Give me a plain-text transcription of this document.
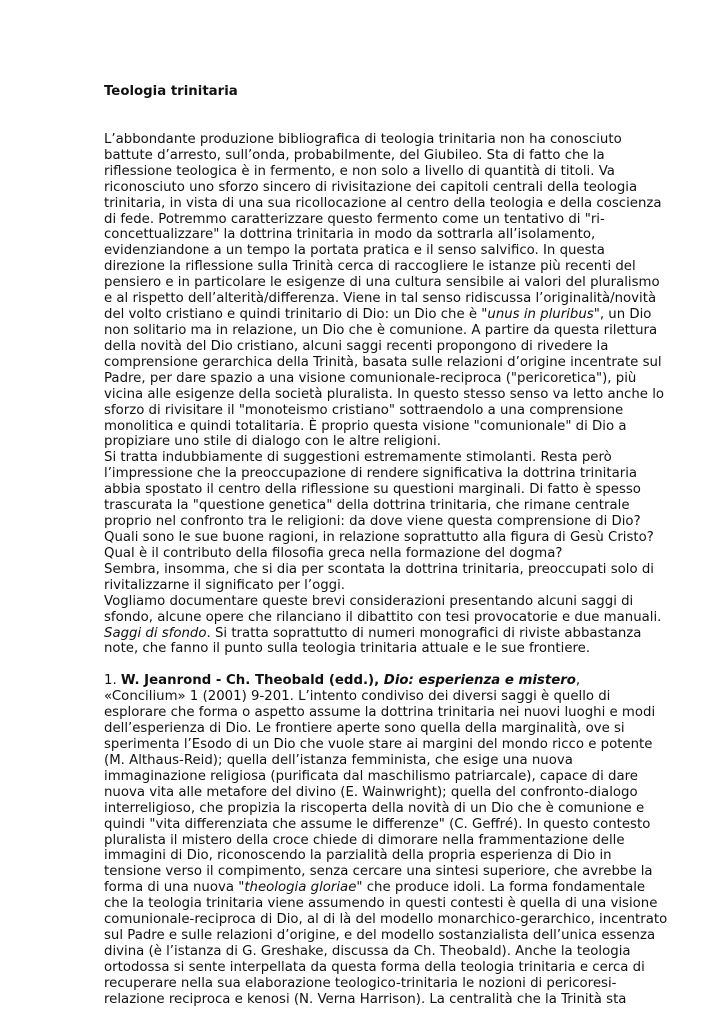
Teologia trinitaria

L’abbondante produzione bibliografica di teologia trinitaria non ha conosciuto
battute d’arresto, sull’onda, probabilmente, del Giubileo. Sta di fatto che la
riflessione teologica è in fermento, e non solo a livello di quantità di titoli. Va
riconosciuto uno sforzo sincero di rivisitazione dei capitoli centrali della teologia
trinitaria, in vista di una sua ricollocazione al centro della teologia e della coscienza
di fede. Potremmo caratterizzare questo fermento come un tentativo di "ri-
concettualizzare" la dottrina trinitaria in modo da sottrarla all’isolamento,
evidenziandone a un tempo la portata pratica e il senso salvifico. In questa
direzione la riflessione sulla Trinità cerca di raccogliere le istanze più recenti del
pensiero e in particolare le esigenze di una cultura sensibile ai valori del pluralismo
e al rispetto dell’alterità/differenza. Viene in tal senso ridiscussa l’originalità/novità
del volto cristiano e quindi trinitario di Dio: un Dio che è "unus in pluribus", un Dio
non solitario ma in relazione, un Dio che è comunione. A partire da questa rilettura
della novità del Dio cristiano, alcuni saggi recenti propongono di rivedere la
comprensione gerarchica della Trinità, basata sulle relazioni d’origine incentrate sul
Padre, per dare spazio a una visione comunionale-reciproca ("pericoretica"), più
vicina alle esigenze della società pluralista. In questo stesso senso va letto anche lo
sforzo di rivisitare il "monoteismo cristiano" sottraendolo a una comprensione
monolitica e quindi totalitaria. È proprio questa visione "comunionale" di Dio a
propiziare uno stile di dialogo con le altre religioni.
Si tratta indubbiamente di suggestioni estremamente stimolanti. Resta però
l’impressione che la preoccupazione di rendere significativa la dottrina trinitaria
abbia spostato il centro della riflessione su questioni marginali. Di fatto è spesso
trascurata la "questione genetica" della dottrina trinitaria, che rimane centrale
proprio nel confronto tra le religioni: da dove viene questa comprensione di Dio?
Quali sono le sue buone ragioni, in relazione soprattutto alla figura di Gesù Cristo?
Qual è il contributo della filosofia greca nella formazione del dogma?
Sembra, insomma, che si dia per scontata la dottrina trinitaria, preoccupati solo di
rivitalizzarne il significato per l’oggi.
Vogliamo documentare queste brevi considerazioni presentando alcuni saggi di
sfondo, alcune opere che rilanciano il dibattito con tesi provocatorie e due manuali.
Saggi di sfondo. Si tratta soprattutto di numeri monografici di riviste abbastanza
note, che fanno il punto sulla teologia trinitaria attuale e le sue frontiere.

1. W. Jeanrond - Ch. Theobald (edd.), Dio: esperienza e mistero,
«Concilium» 1 (2001) 9-201. L’intento condiviso dei diversi saggi è quello di
esplorare che forma o aspetto assume la dottrina trinitaria nei nuovi luoghi e modi
dell’esperienza di Dio. Le frontiere aperte sono quella della marginalità, ove si
sperimenta l’Esodo di un Dio che vuole stare ai margini del mondo ricco e potente
(M. Althaus-Reid); quella dell’istanza femminista, che esige una nuova
immaginazione religiosa (purificata dal maschilismo patriarcale), capace di dare
nuova vita alle metafore del divino (E. Wainwright); quella del confronto-dialogo
interreligioso, che propizia la riscoperta della novità di un Dio che è comunione e
quindi "vita differenziata che assume le differenze" (C. Geffré). In questo contesto
pluralista il mistero della croce chiede di dimorare nella frammentazione delle
immagini di Dio, riconoscendo la parzialità della propria esperienza di Dio in
tensione verso il compimento, senza cercare una sintesi superiore, che avrebbe la
forma di una nuova "theologia gloriae" che produce idoli. La forma fondamentale
che la teologia trinitaria viene assumendo in questi contesti è quella di una visione
comunionale-reciproca di Dio, al di là del modello monarchico-gerarchico, incentrato
sul Padre e sulle relazioni d’origine, e del modello sostanzialista dell’unica essenza
divina (è l’istanza di G. Greshake, discussa da Ch. Theobald). Anche la teologia
ortodossa si sente interpellata da questa forma della teologia trinitaria e cerca di
recuperare nella sua elaborazione teologico-trinitaria le nozioni di pericoresi-
relazione reciproca e kenosi (N. Verna Harrison). La centralità che la Trinità sta
